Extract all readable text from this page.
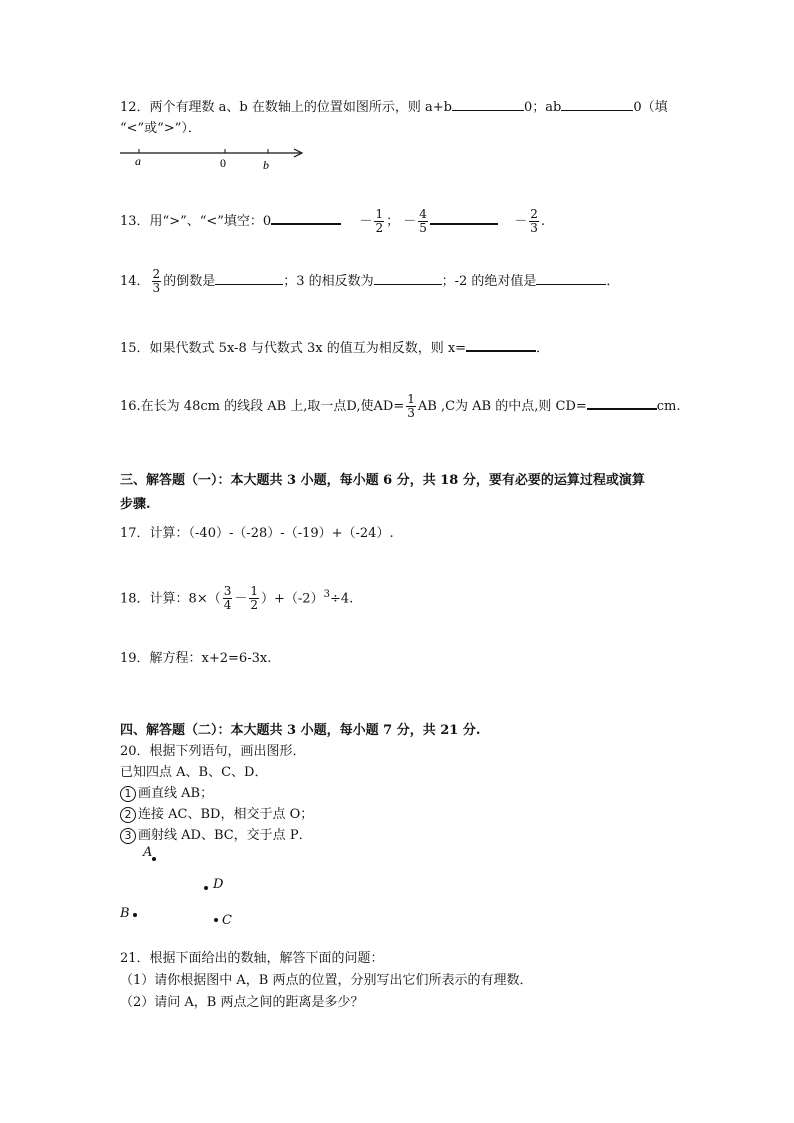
12．两个有理数 a、b 在数轴上的位置如图所示，则 a+b	0；ab	0（填
“<”或“>”）．
a	0	b
13．用“>”、“<”填空：0	－ $\frac{1}{2}$ ； － $\frac{4}{5}$	－ $\frac{2}{3}$ .
14． $\frac{2}{3}$ 的倒数是	；3 的相反数为	；-2 的绝对值是	．
15．如果代数式 5x-8 与代数式 3x 的值互为相反数，则 x=	．
16.在长为 48cm 的线段 AB 上,取一点D,使$AD= \frac{1}{3}$ AB ,C为 AB 的中点,则 CD=	cm.
三、解答题（一）：本大题共 3 小题，每小题 6 分，共 18 分，要有必要的运算过程或演算
步骤.
17．计算：（-40）-（-28）-（-19）+（-24）.
18．计算：$8\times( \frac{3}{4} - \frac{1}{2} )+(-2)^3\div 4$.
19．解方程：x+2=6-3x.
四、解答题（二）：本大题共 3 小题，每小题 7 分，共 21 分.
20．根据下列语句，画出图形．
已知四点 A、B、C、D．
1 画直线 AB；
2 连接 AC、BD，相交于点 O；
3 画射线 AD、BC，交于点 P．
A
D
B	C
21．根据下面给出的数轴，解答下面的问题：
（1）请你根据图中 A，B 两点的位置，分别写出它们所表示的有理数．
（2）请问 A，B 两点之间的距离是多少？
